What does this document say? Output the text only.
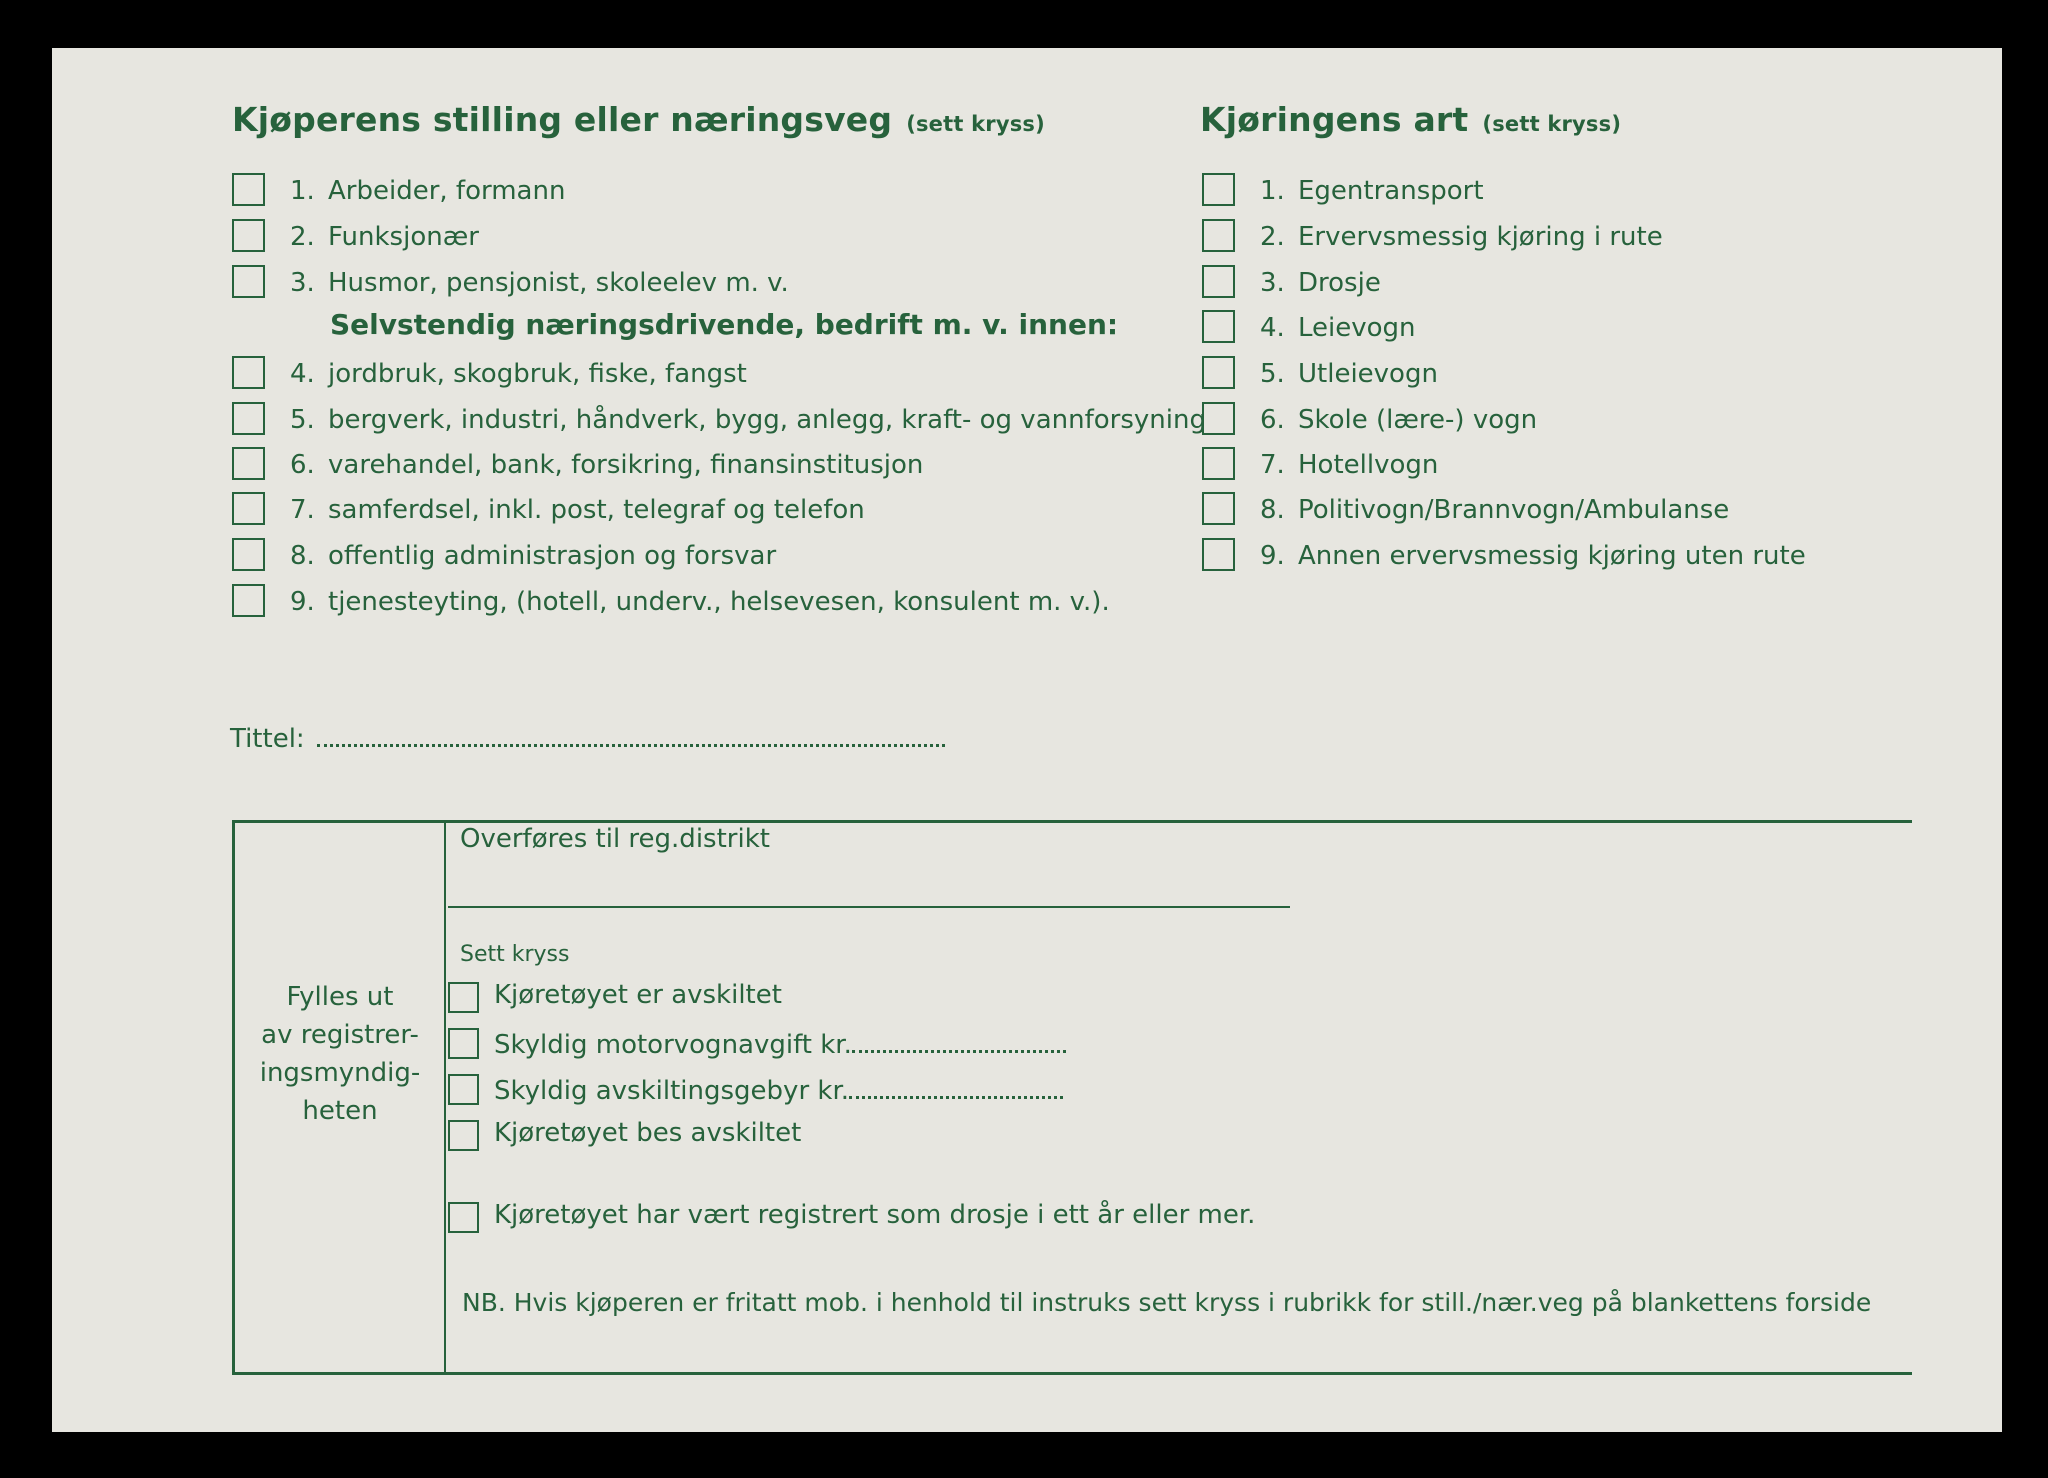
Kjøperens stilling eller næringsveg (sett kryss)
1. Arbeider, formann
2. Funksjonær
3. Husmor, pensjonist, skoleelev m. v.
Selvstendig næringsdrivende, bedrift m. v. innen:
4. jordbruk, skogbruk, fiske, fangst
5. bergverk, industri, håndverk, bygg, anlegg, kraft- og vannforsyning
6. varehandel, bank, forsikring, finansinstitusjon
7. samferdsel, inkl. post, telegraf og telefon
8. offentlig administrasjon og forsvar
9. tjenesteyting, (hotell, underv., helsevesen, konsulent m. v.).
Kjøringens art (sett kryss)
1. Egentransport
2. Ervervsmessig kjøring i rute
3. Drosje
4. Leievogn
5. Utleievogn
6. Skole (lære-) vogn
7. Hotellvogn
8. Politivogn/Brannvogn/Ambulanse
9. Annen ervervsmessig kjøring uten rute
Tittel:
Fylles ut
av registrer-
ingsmyndig-
heten
Overføres til reg.distrikt
Sett kryss
Kjøretøyet er avskiltet
Skyldig motorvognavgift kr.
Skyldig avskiltingsgebyr kr.
Kjøretøyet bes avskiltet
Kjøretøyet har vært registrert som drosje i ett år eller mer.
NB. Hvis kjøperen er fritatt mob. i henhold til instruks sett kryss i rubrikk for still./nær.veg på blankettens forside
